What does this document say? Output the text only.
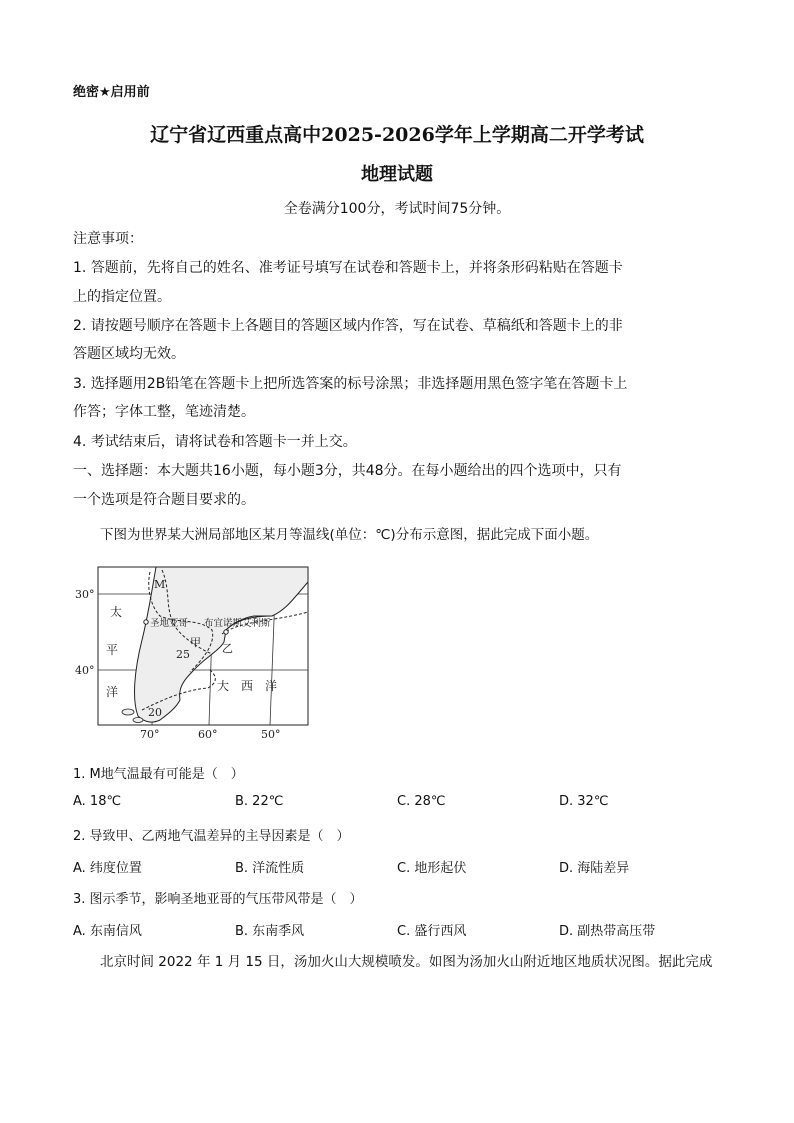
绝密★启用前
辽宁省辽西重点高中2025-2026学年上学期高二开学考试
地理试题
全卷满分100分，考试时间75分钟。
注意事项：
1. 答题前，先将自己的姓名、准考证号填写在试卷和答题卡上，并将条形码粘贴在答题卡
上的指定位置。
2. 请按题号顺序在答题卡上各题目的答题区域内作答，写在试卷、草稿纸和答题卡上的非
答题区域均无效。
3. 选择题用2B铅笔在答题卡上把所选答案的标号涂黑；非选择题用黑色签字笔在答题卡上
作答；字体工整，笔迹清楚。
4. 考试结束后，请将试卷和答题卡一并上交。
一、选择题：本大题共16小题，每小题3分，共48分。在每小题给出的四个选项中，只有
一个选项是符合题目要求的。
下图为世界某大洲局部地区某月等温线(单位：℃)分布示意图，据此完成下面小题。
30°
40°
70°	60°	50°
太
平
洋	大　西　洋
M
圣地亚哥 布宜诺斯艾利斯
甲 乙
25
20
1. M地气温最有可能是（　）
A. 18℃	B. 22℃	C. 28℃	D. 32℃
2. 导致甲、乙两地气温差异的主导因素是（　）
A. 纬度位置	B. 洋流性质	C. 地形起伏	D. 海陆差异
3. 图示季节，影响圣地亚哥的气压带风带是（　）
A. 东南信风	B. 东南季风	C. 盛行西风	D. 副热带高压带
北京时间 2022 年 1 月 15 日，汤加火山大规模喷发。如图为汤加火山附近地区地质状况图。据此完成
